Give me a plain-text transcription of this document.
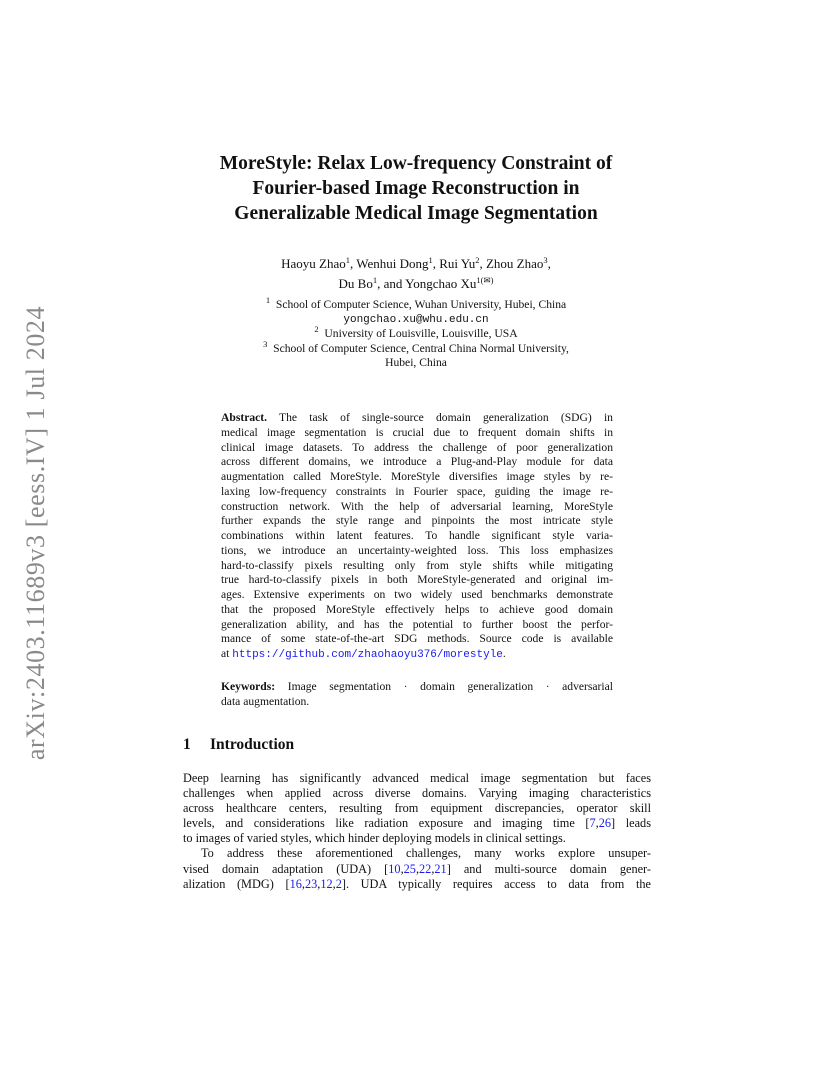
arXiv:2403.11689v3 [eess.IV] 1 Jul 2024
MoreStyle: Relax Low-frequency Constraint of
Fourier-based Image Reconstruction in
Generalizable Medical Image Segmentation
Haoyu Zhao$^1$, Wenhui Dong$^1$, Rui Yu$^2$, Zhou Zhao$^3$,
Du Bo$^1$, and Yongchao $Xu^{1(✉)}$
$^1$ School of Computer Science, Wuhan University, Hubei, China
yongchao.xu@whu.edu.cn
$^2$ University of Louisville, Louisville, USA
$^3$ School of Computer Science, Central China Normal University,
Hubei, China
Abstract. The task of single-source domain generalization (SDG) in
medical image segmentation is crucial due to frequent domain shifts in
clinical image datasets. To address the challenge of poor generalization
across different domains, we introduce a Plug-and-Play module for data
augmentation called MoreStyle. MoreStyle diversifies image styles by re-
laxing low-frequency constraints in Fourier space, guiding the image re-
construction network. With the help of adversarial learning, MoreStyle
further expands the style range and pinpoints the most intricate style
combinations within latent features. To handle significant style varia-
tions, we introduce an uncertainty-weighted loss. This loss emphasizes
hard-to-classify pixels resulting only from style shifts while mitigating
true hard-to-classify pixels in both MoreStyle-generated and original im-
ages. Extensive experiments on two widely used benchmarks demonstrate
that the proposed MoreStyle effectively helps to achieve good domain
generalization ability, and has the potential to further boost the perfor-
mance of some state-of-the-art SDG methods. Source code is available
at https://github.com/zhaohaoyu376/morestyle.
Keywords: Image segmentation · domain generalization · adversarial
data augmentation.
1 Introduction
Deep learning has significantly advanced medical image segmentation but faces
challenges when applied across diverse domains. Varying imaging characteristics
across healthcare centers, resulting from equipment discrepancies, operator skill
levels, and considerations like radiation exposure and imaging time [7,26] leads
to images of varied styles, which hinder deploying models in clinical settings.
To address these aforementioned challenges, many works explore unsuper-
vised domain adaptation (UDA) [10,25,22,21] and multi-source domain gener-
alization (MDG) [16,23,12,2]. UDA typically requires access to data from the
